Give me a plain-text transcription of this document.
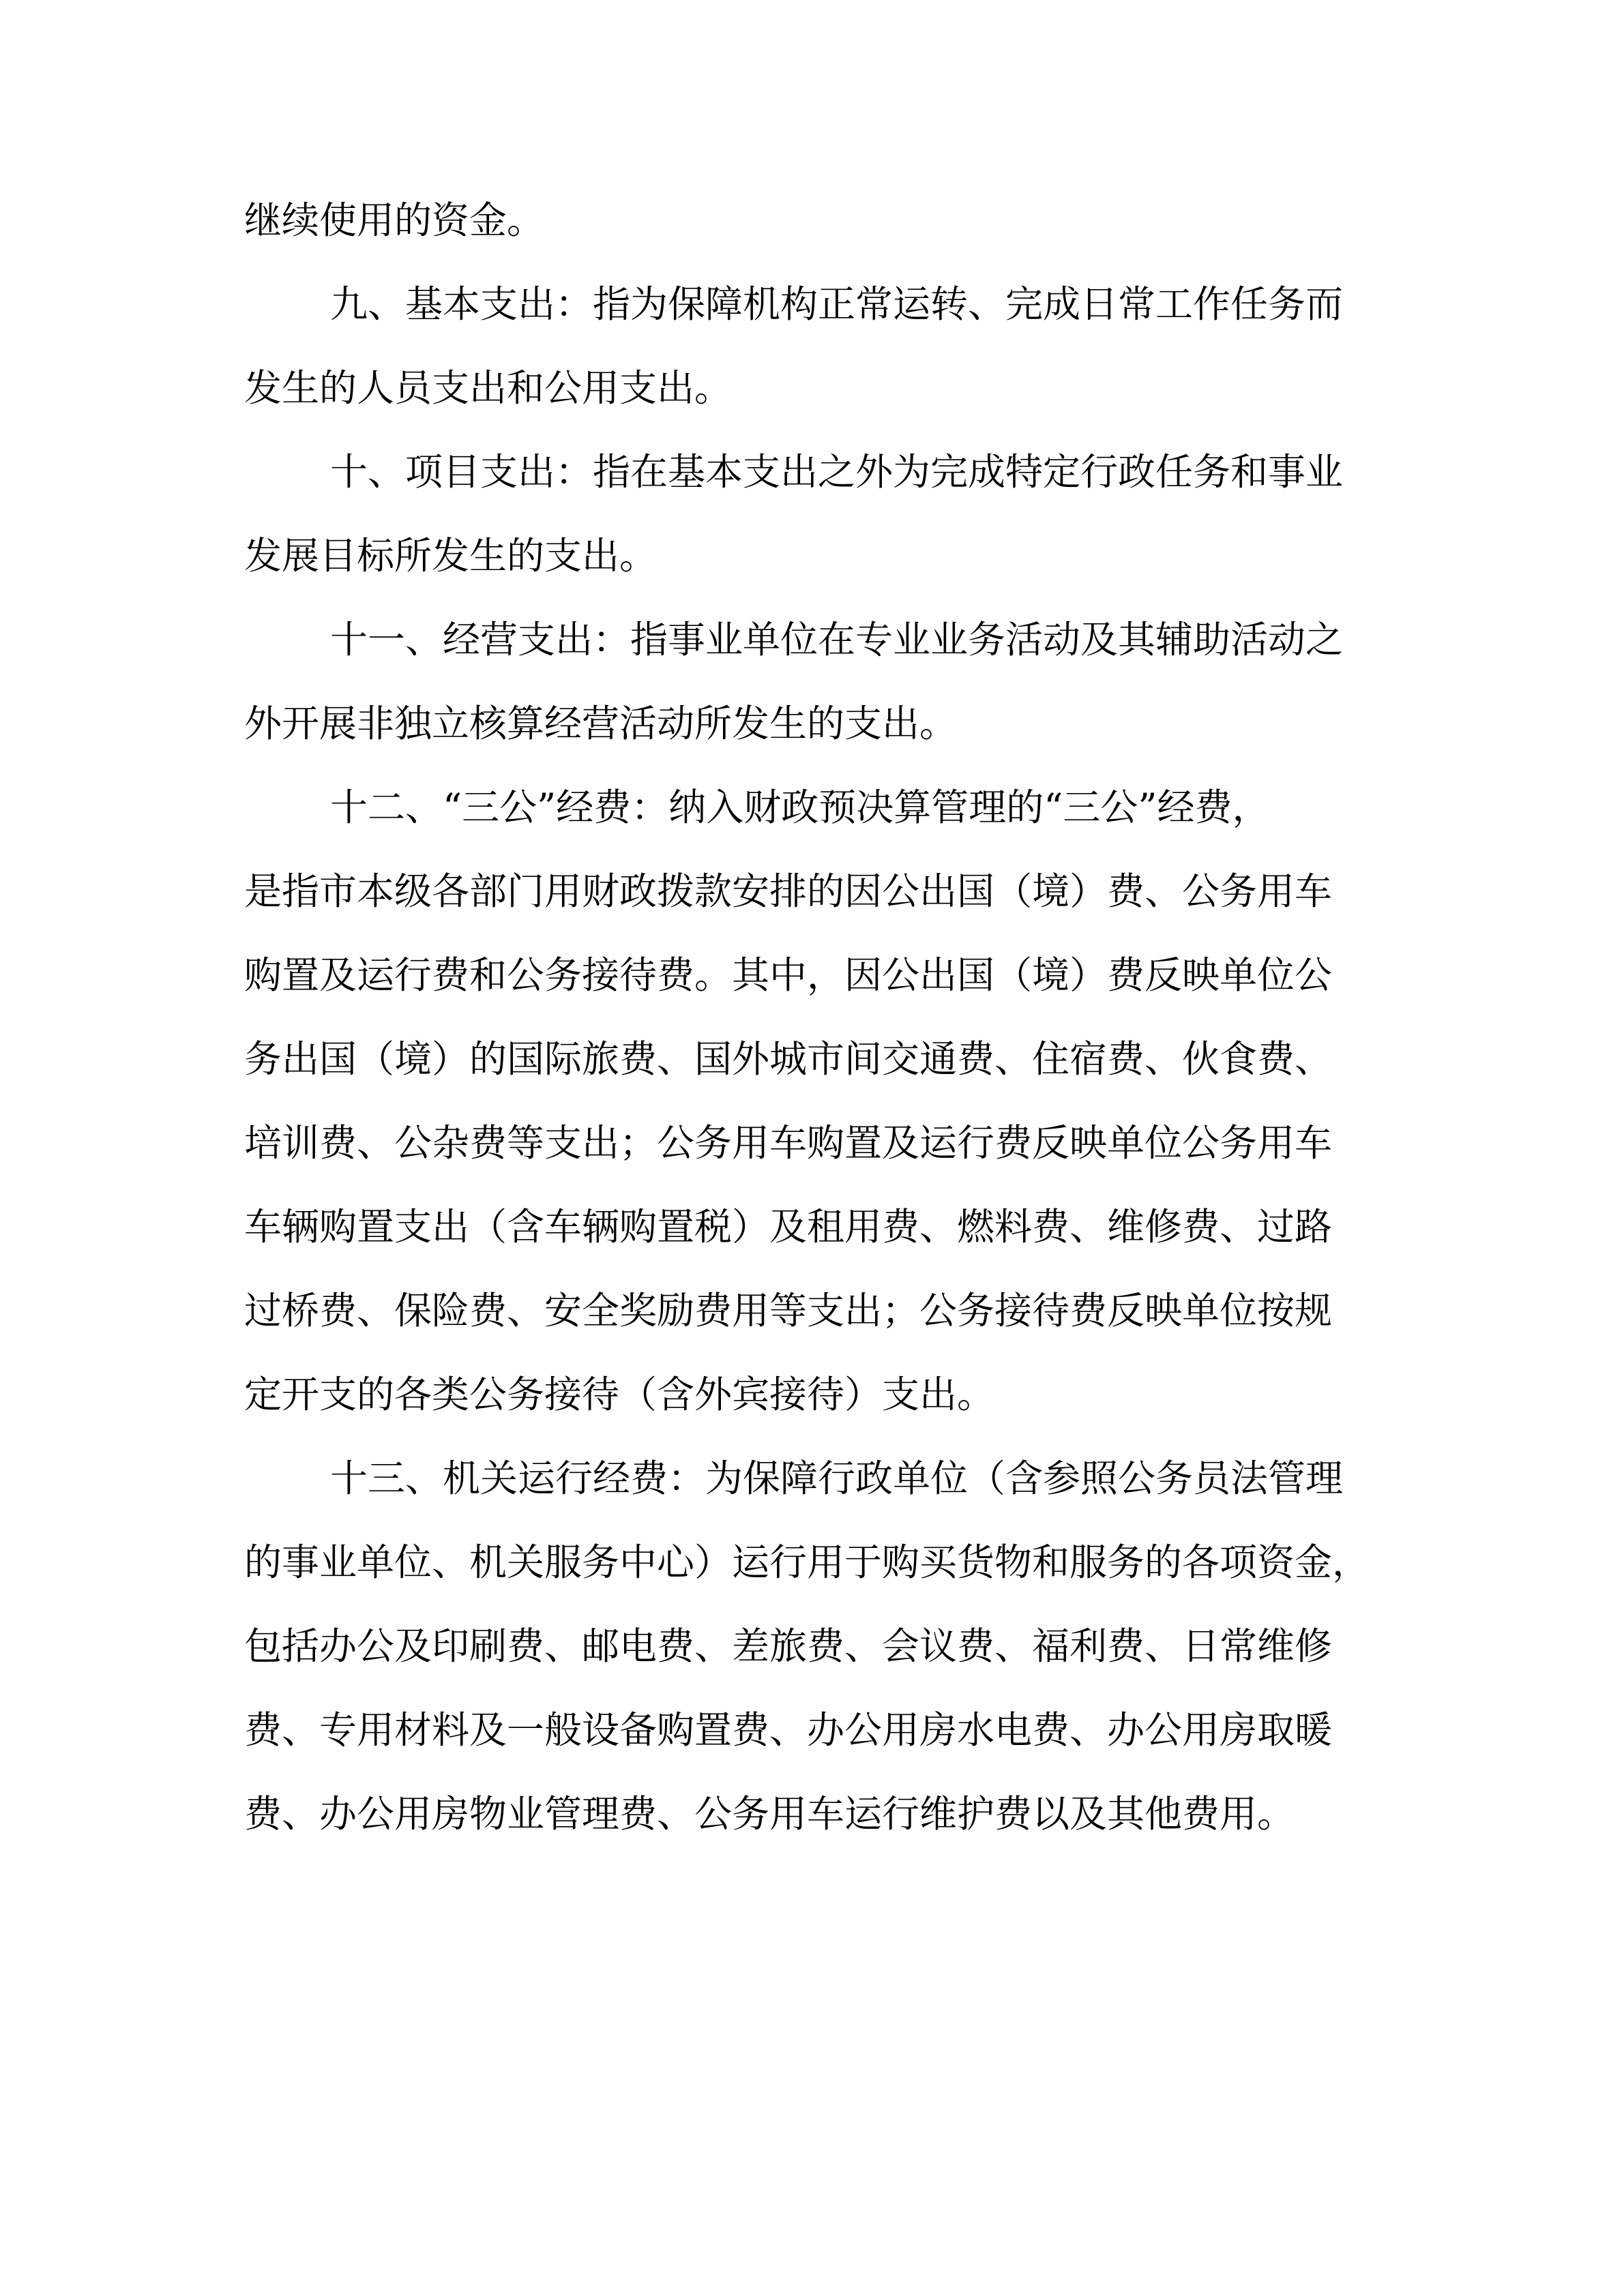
继续使用的资金。
九、基本支出：指为保障机构正常运转、完成日常工作任务而
发生的人员支出和公用支出。
十、项目支出：指在基本支出之外为完成特定行政任务和事业
发展目标所发生的支出。
十一、经营支出：指事业单位在专业业务活动及其辅助活动之
外开展非独立核算经营活动所发生的支出。
十二、“三公”经费：纳入财政预决算管理的“三公”经费，
是指市本级各部门用财政拨款安排的因公出国（境）费、公务用车
购置及运行费和公务接待费。其中，因公出国（境）费反映单位公
务出国（境）的国际旅费、国外城市间交通费、住宿费、伙食费、
培训费、公杂费等支出；公务用车购置及运行费反映单位公务用车
车辆购置支出（含车辆购置税）及租用费、燃料费、维修费、过路
过桥费、保险费、安全奖励费用等支出；公务接待费反映单位按规
定开支的各类公务接待（含外宾接待）支出。
十三、机关运行经费：为保障行政单位（含参照公务员法管理
的事业单位、机关服务中心）运行用于购买货物和服务的各项资金，
包括办公及印刷费、邮电费、差旅费、会议费、福利费、日常维修
费、专用材料及一般设备购置费、办公用房水电费、办公用房取暖
费、办公用房物业管理费、公务用车运行维护费以及其他费用。
